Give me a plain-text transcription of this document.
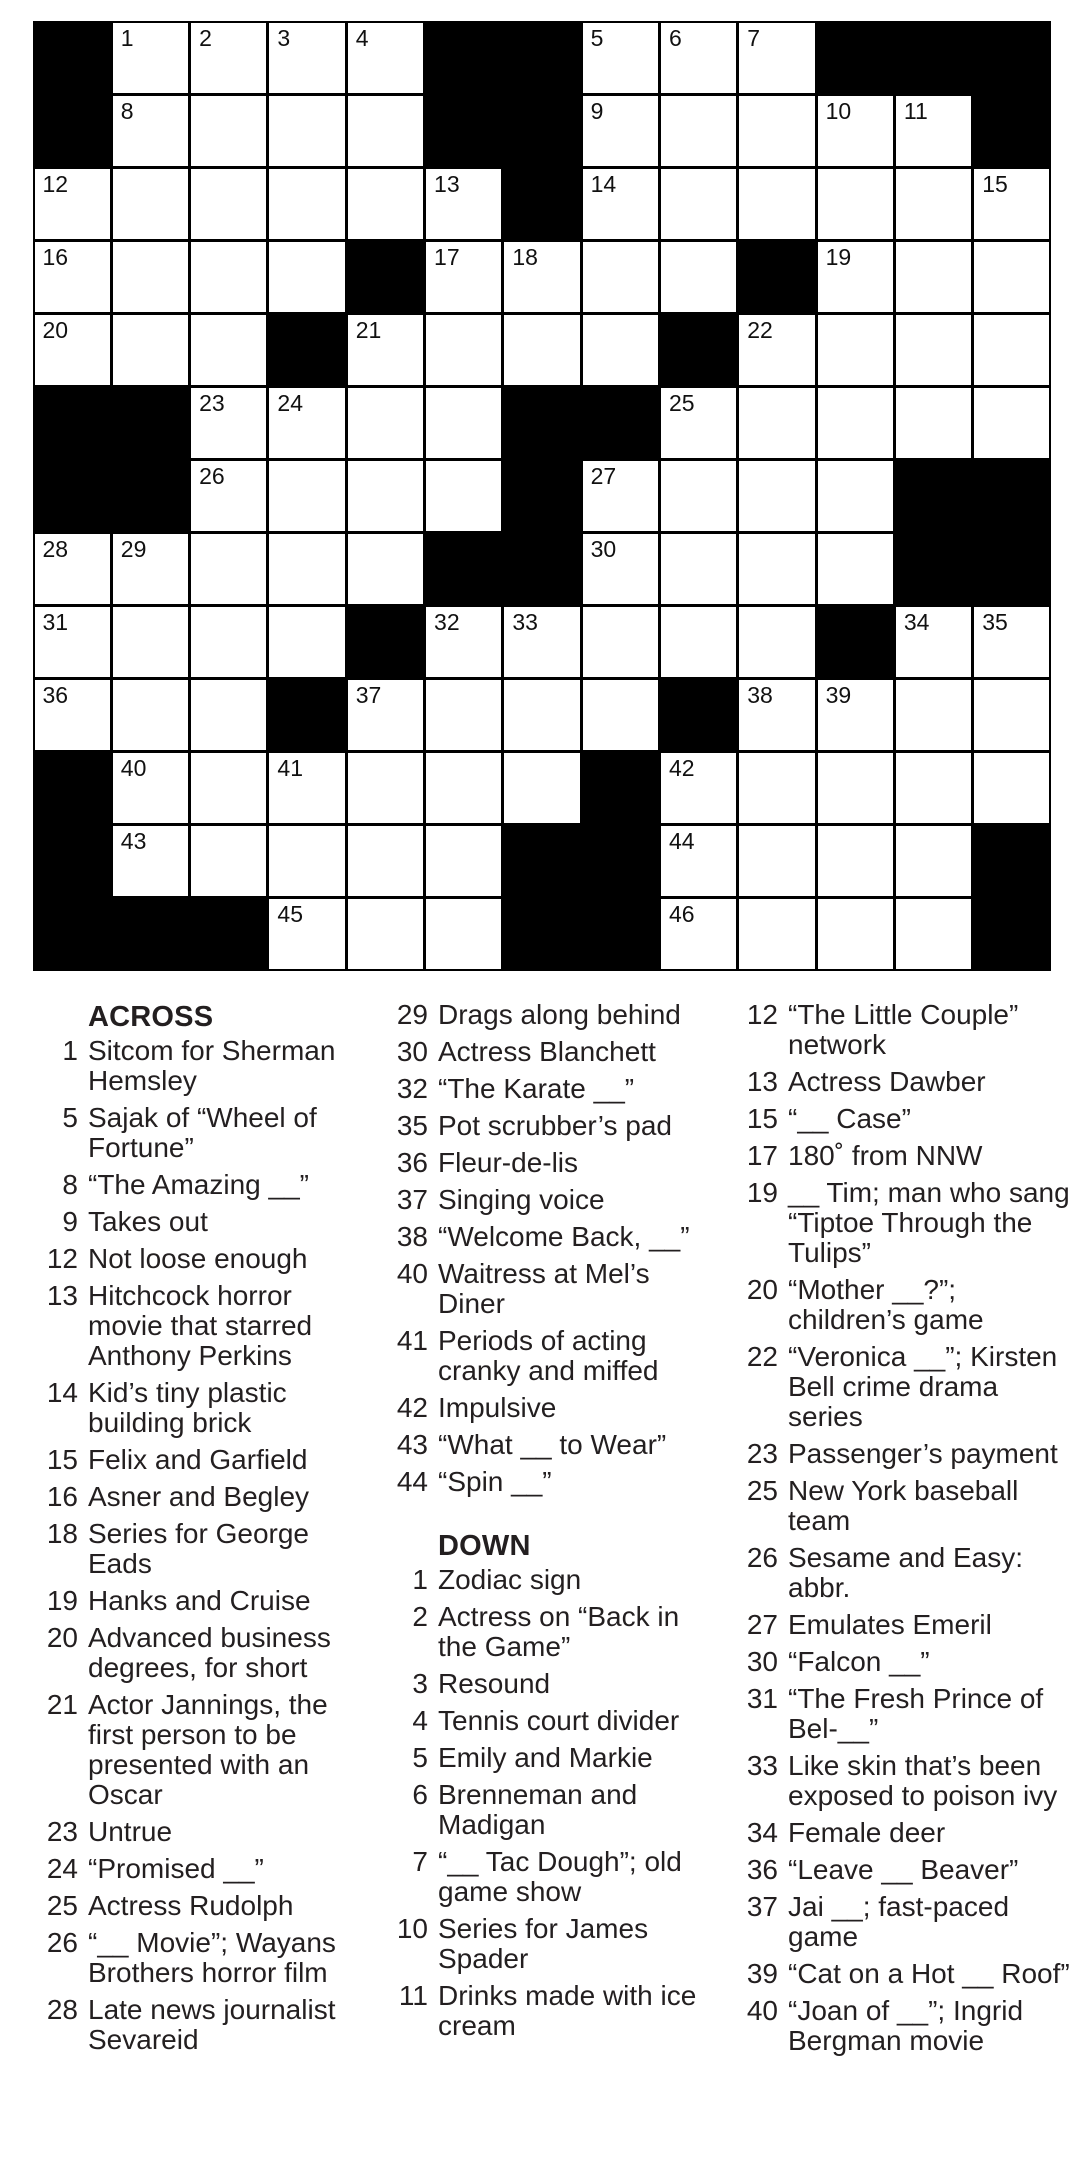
1	2	3	4	5	6	7
8	9	10 11
12	13	14	15
16	17 18	19
20	21	22
23 24	25
26	27
28 29	30
31	32 33	34 35
36	37	38 39
40	41	42
43	44
45	46
ACROSS
1 Sitcom for Sherman Hemsley
5 Sajak of “Wheel of Fortune”
8 “The Amazing __”
9 Takes out
12 Not loose enough
13 Hitchcock horror movie that starred Anthony Perkins
14 Kid’s tiny plastic building brick
15 Felix and Garfield
16 Asner and Begley
18 Series for George Eads
19 Hanks and Cruise
20 Advanced business degrees, for short
21 Actor Jannings, the first person to be presented with an Oscar
23 Untrue
24 “Promised __”
25 Actress Rudolph
26 “__ Movie”; Wayans Brothers horror film
28 Late news journalist Sevareid
29 Drags along behind
30 Actress Blanchett
32 “The Karate __”
35 Pot scrubber’s pad
36 Fleur-de-lis
37 Singing voice
38 “Welcome Back, __”
40 Waitress at Mel’s Diner
41 Periods of acting cranky and miffed
42 Impulsive
43 “What __ to Wear”
44 “Spin __”
DOWN
1 Zodiac sign
2 Actress on “Back in the Game”
3 Resound
4 Tennis court divider
5 Emily and Markie
6 Brenneman and Madigan
7 “__ Tac Dough”; old game show
10 Series for James Spader
11 Drinks made with ice cream
12 “The Little Couple” network
13 Actress Dawber
15 “__ Case”
17 180˚ from NNW
19 __ Tim; man who sang “Tiptoe Through the Tulips”
20 “Mother __?”; children’s game
22 “Veronica __”; Kirsten Bell crime drama series
23 Passenger’s payment
25 New York baseball team
26 Sesame and Easy: abbr.
27 Emulates Emeril
30 “Falcon __”
31 “The Fresh Prince of Bel-__”
33 Like skin that’s been exposed to poison ivy
34 Female deer
36 “Leave __ Beaver”
37 Jai __; fast-paced game
39 “Cat on a Hot __ Roof”
40 “Joan of __”; Ingrid Bergman movie
